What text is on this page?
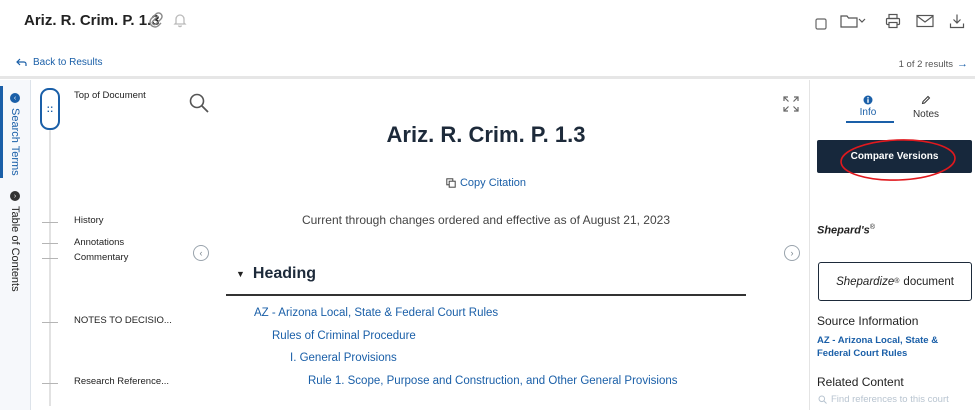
Ariz. R. Crim. P. 1.3
Back to Results	1 of 2 results →
‹
Search Terms
›
Table of Contents
::
Top of Document
History
Annotations
Commentary
NOTES TO DECISIO...
Research Reference...
Ariz. R. Crim. P. 1.3
Copy Citation
Current through changes ordered and effective as of August 21, 2023
‹	›
▼ Heading
AZ - Arizona Local, State & Federal Court Rules
Rules of Criminal Procedure
I. General Provisions
Rule 1. Scope, Purpose and Construction, and Other General Provisions
Info	Notes
Compare Versions
Shepard's®
Shepardize ® document
Source Information
AZ - Arizona Local, State & Federal Court Rules
Related Content
Find references to this court
